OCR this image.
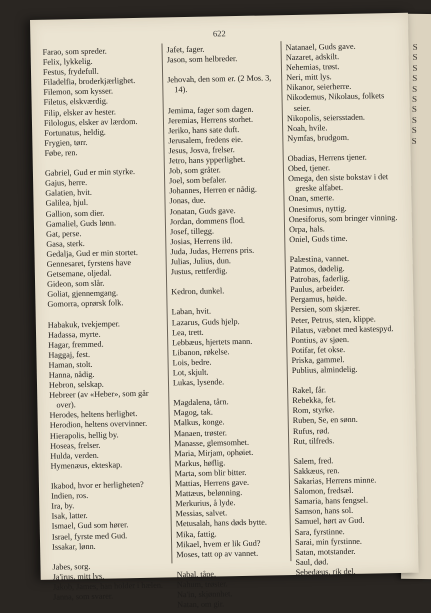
S
S
S
S
S
S
S
S
S
S
622
Farao, som spreder.
Felix, lykkelig.
Festus, frydefull.
Filadelfia, broderkjærlighet.
Filemon, som kysser.
Filetus, elskværdig.
Filip, elsker av hester.
Filologus, elsker av lærdom.
Fortunatus, heldig.
Frygien, tørr.
Føbe, ren.
Gabriel, Gud er min styrke.
Gajus, herre.
Galatien, hvit.
Galilea, hjul.
Gallion, som dier.
Gamaliel, Guds lønn.
Gat, perse.
Gasa, sterk.
Gedalja, Gud er min stortet.
Gennesaret, fyrstens have
Getsemane, oljedal.
Gideon, som slår.
Goliat, gjennemgang.
Gomorra, oprørsk folk.
Habakuk, tvekjemper.
Hadassa, myrte.
Hagar, fremmed.
Haggaj, fest.
Haman, stolt.
Hanna, nådig.
Hebron, selskap.
Hebreer (av «Heber», som går over).
Herodes, heltens herlighet.
Herodion, heltens overvinner.
Hierapolis, hellig by.
Hoseas, frelser.
Hulda, verden.
Hymenæus, ekteskap.
Ikabod, hvor er herligheten?
Indien, ros.
Ira, by.
Isak, latter.
Ismael, Gud som hører.
Israel, fyrste med Gud.
Issakar, lønn.
Jabes, sorg.
Ja'irus, mitt lys.
Jakob, James, han holder i hælen.
Janna, som svarer.
Jafet, fager.
Jason, som helbreder.
Jehovah, den som er. (2 Mos. 3, 14).
Jemima, fager som dagen.
Jeremias, Herrens storhet.
Jeriko, hans sate duft.
Jerusalem, fredens eie.
Jesus, Josva, frelser.
Jetro, hans ypperlighet.
Job, som gråter.
Joel, som befaler.
Johannes, Herren er nådig.
Jonas, due.
Jonatan, Guds gave.
Jordan, dommens flod.
Josef, tillegg.
Josias, Herrens ild.
Juda, Judas, Herrens pris.
Julias, Julius, dun.
Justus, rettferdig.
Kedron, dunkel.
Laban, hvit.
Lazarus, Guds hjelp.
Lea, trett.
Lebbæus, hjertets mann.
Libanon, røkelse.
Lois, bedre.
Lot, skjult.
Lukas, lysende.
Magdalena, tårn.
Magog, tak.
Malkus, konge.
Manaen, trøster.
Manasse, glemsomhet.
Maria, Mirjam, ophøiet.
Markus, høflig.
Marta, som blir bitter.
Mattias, Herrens gave.
Mattæus, belønning.
Merkurius, å lyde.
Messias, salvet.
Metusalah, hans døds bytte.
Mika, fattig.
Mikael, hvem er lik Gud?
Moses, tatt op av vannet.
Nabal, tåpe.
Nahum, trøster.
Na'in, skjønnhet.
Natan, om gir.
Natanael, Guds gave.
Nazaret, adskilt.
Nehemias, trøst.
Neri, mitt lys.
Nikanor, seierherre.
Nikodemus, Nikolaus, folkets seier.
Nikopolis, seiersstaden.
Noah, hvile.
Nymfas, brudgom.
Obadias, Herrens tjener.
Obed, tjener.
Omega, den siste bokstav i det greske alfabet.
Onan, smerte.
Onesimus, nyttig.
Onesiforus, som bringer vinning.
Orpa, hals.
Oniel, Guds time.
Palæstina, vannet.
Patmos, dødelig.
Patrobas, faderlig.
Paulus, arbeider.
Pergamus, høide.
Persien, som skjærer.
Peter, Petrus, sten, klippe.
Pilatus, væbnet med kastespyd.
Pontius, av sjøen.
Potifar, fet okse.
Priska, gammel.
Publius, almindelig.
Rakel, får.
Rebekka, fet.
Rom, styrke.
Ruben, Se, en sønn.
Rufus, rød.
Rut, tilfreds.
Salem, fred.
Sakkæus, ren.
Sakarias, Herrens minne.
Salomon, fredsæl.
Samaria, hans fengsel.
Samson, hans sol.
Samuel, hørt av Gud.
Sara, fyrstinne.
Sarai, min fyrstinne.
Satan, motstander.
Saul, død.
Sebedæus, rik del.
